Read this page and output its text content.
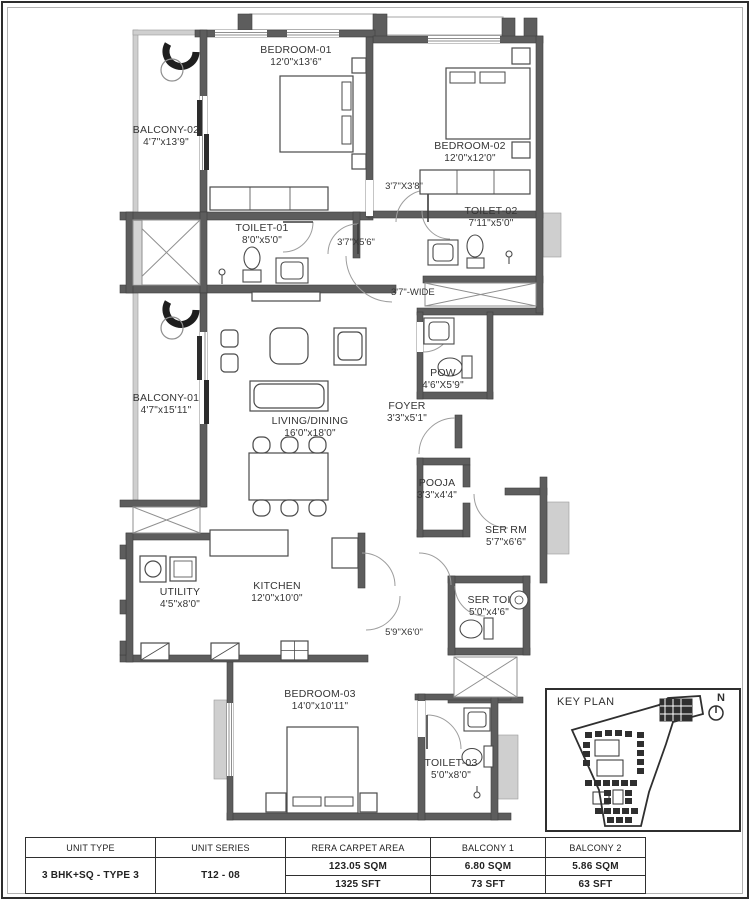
BEDROOM-01
12'0"x13'6"
BEDROOM-02
12'0"x12'0"
BALCONY-02
4'7"x13'9"
TOILET-01
8'0"x5'0"
TOILET-02
7'11"x5'0"
BALCONY-01
4'7"x15'11"
LIVING/DINING
16'0"x18'0"
POW
4'6"X5'9"
FOYER
3'3"x5'1"
POOJA
3'3"x4'4"
SER RM
5'7"x6'6"
SER TOI
5'0"x4'6"
UTILITY
4'5"x8'0"
KITCHEN
12'0"x10'0"
BEDROOM-03
14'0"x10'11"
TOILET-03
5'0"x8'0"
3'7"X3'8"
3'7"X5'6"
3'7"-WIDE
5'9"X6'0"
KEY PLAN	N
UNIT TYPE	UNIT SERIES	RERA CARPET AREA	BALCONY 1	BALCONY 2
3 BHK+SQ - TYPE 3	T12 - 08	123.05 SQM	6.80 SQM	5.86 SQM
		1325 SFT	73 SFT	63 SFT
